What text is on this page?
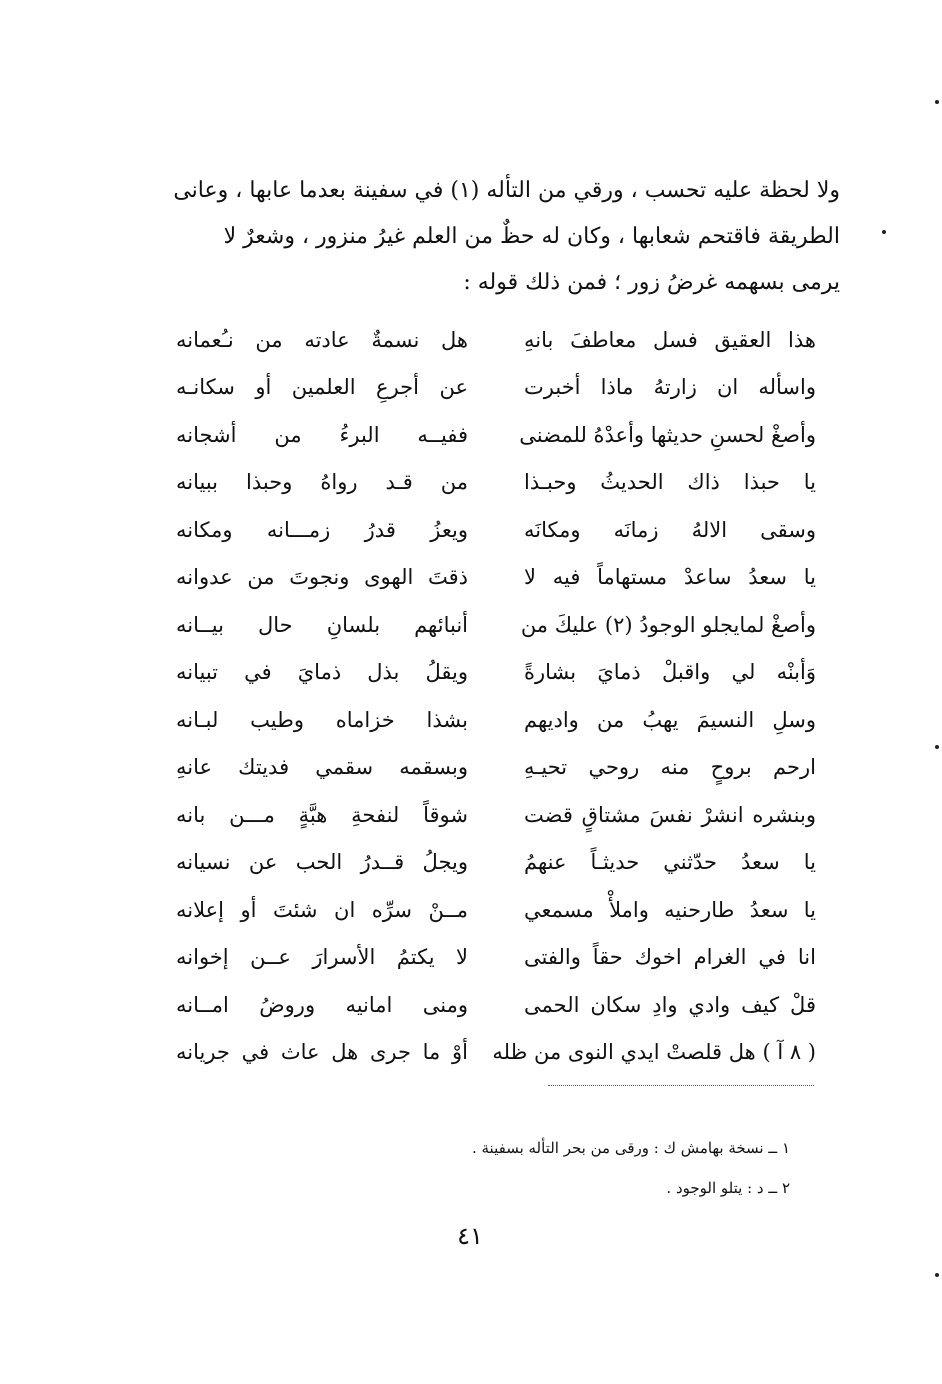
ولا لحظة عليه تحسب ، ورقي من التأله (١) في سفينة بعدما عابها ، وعانى

الطريقة فاقتحم شعابها ، وكان له حظٌ من العلم غيرُ منزور ، وشعرٌ لا

يرمى بسهمه غرضُ زور ؛ فمن ذلك قوله :

هذا العقيق فسل معاطفَ بانهِ
هل نسمةٌ عادته من نـُعمانه
واسأله ان زارتهُ ماذا أخبرت
عن أجرعِ العلمين أو سكانـه
وأصغْ لحسنِ حديثها وأعدْهُ للمضنى
ففيــه البرءُ من أشجانه
يا حبذا ذاك الحديثُ وحبـذا
من قـد رواهُ وحبذا ببيانه
وسقى الالهُ زمانَه ومكانَه
ويعزُ قدرُ زمـــانه ومكانه
يا سعدُ ساعدْ مستهاماً فيه لا
ذقتَ الهوى ونجوتَ من عدوانه
وأصغْ لمايجلو الوجودُ (٢) عليكَ من
أنبائهم بلسانِ حال بيــانه
وَأبنْه لي واقبلْ ذمايَ بشارةً
ويقلُ بذل ذمايَ في تبيانه
وسلِ النسيمَ يهبُ من واديهم
بشذا خزاماه وطيب لبـانه
ارحم بروحٍ منه روحي تحيـهِ
وبسقمه سقمي فديتك عانهِ
وبنشره انشرْ نفسَ مشتاقٍ قضت
شوقاً لنفحةِ هبَّةٍ مـــن بانه
يا سعدُ حدّثني حديثـاً عنهمُ
ويجلُ قــدرُ الحب عن نسيانه
يا سعدُ طارحنيه واملأْ مسمعي
مــنْ سرِّه ان شئتَ أو إعلانه
انا في الغرام اخوك حقاً والفتى
لا يكتمُ الأسرارَ عــن إخوانه
قلْ كيف وادي وادِ سكان الحمى
ومنى امانيه وروضُ امــانه
( ٨ آ ) هل قلصتْ ايدي النوى من ظله
أوْ ما جرى هل عاث في جريانه

١ ــ نسخة بهامش ك : ورقى من بحر التأله بسفينة .

٢ ــ د : يتلو الوجود .

٤١
